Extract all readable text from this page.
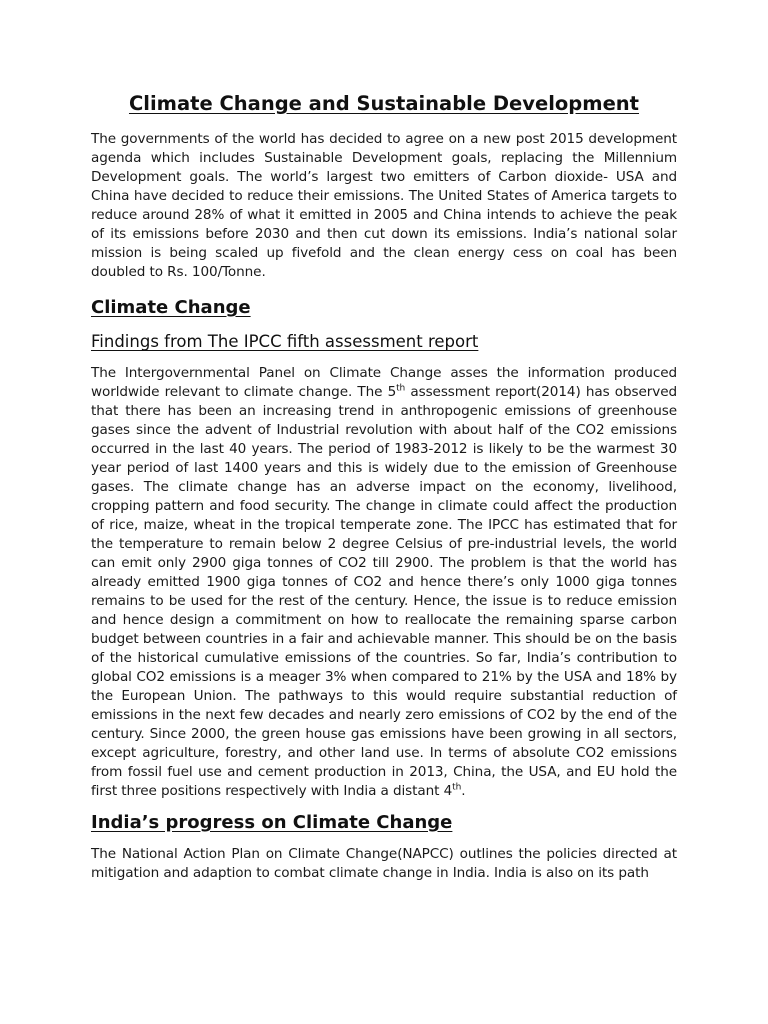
Climate Change and Sustainable Development

The governments of the world has decided to agree on a new post 2015 development agenda which includes Sustainable Development goals, replacing the Millennium Development goals. The world’s largest two emitters of Carbon dioxide- USA and China have decided to reduce their emissions. The United States of America targets to reduce around 28% of what it emitted in 2005 and China intends to achieve the peak of its emissions before 2030 and then cut down its emissions. India’s national solar mission is being scaled up fivefold and the clean energy cess on coal has been doubled to Rs. 100/Tonne.

Climate Change
Findings from The IPCC fifth assessment report

The Intergovernmental Panel on Climate Change asses the information produced worldwide relevant to climate change. The 5th assessment report(2014) has observed that there has been an increasing trend in anthropogenic emissions of greenhouse gases since the advent of Industrial revolution with about half of the CO2 emissions occurred in the last 40 years. The period of 1983-2012 is likely to be the warmest 30 year period of last 1400 years and this is widely due to the emission of Greenhouse gases. The climate change has an adverse impact on the economy, livelihood, cropping pattern and food security. The change in climate could affect the production of rice, maize, wheat in the tropical temperate zone. The IPCC has estimated that for the temperature to remain below 2 degree Celsius of pre-industrial levels, the world can emit only 2900 giga tonnes of CO2 till 2900. The problem is that the world has already emitted 1900 giga tonnes of CO2 and hence there’s only 1000 giga tonnes remains to be used for the rest of the century. Hence, the issue is to reduce emission and hence design a commitment on how to reallocate the remaining sparse carbon budget between countries in a fair and achievable manner. This should be on the basis of the historical cumulative emissions of the countries. So far, India’s contribution to global CO2 emissions is a meager 3% when compared to 21% by the USA and 18% by the European Union. The pathways to this would require substantial reduction of emissions in the next few decades and nearly zero emissions of CO2 by the end of the century. Since 2000, the green house gas emissions have been growing in all sectors, except agriculture, forestry, and other land use. In terms of absolute CO2 emissions from fossil fuel use and cement production in 2013, China, the USA, and EU hold the first three positions respectively with India a distant 4th.

India’s progress on Climate Change

The National Action Plan on Climate Change(NAPCC) outlines the policies directed at mitigation and adaption to combat climate change in India. India is also on its path
